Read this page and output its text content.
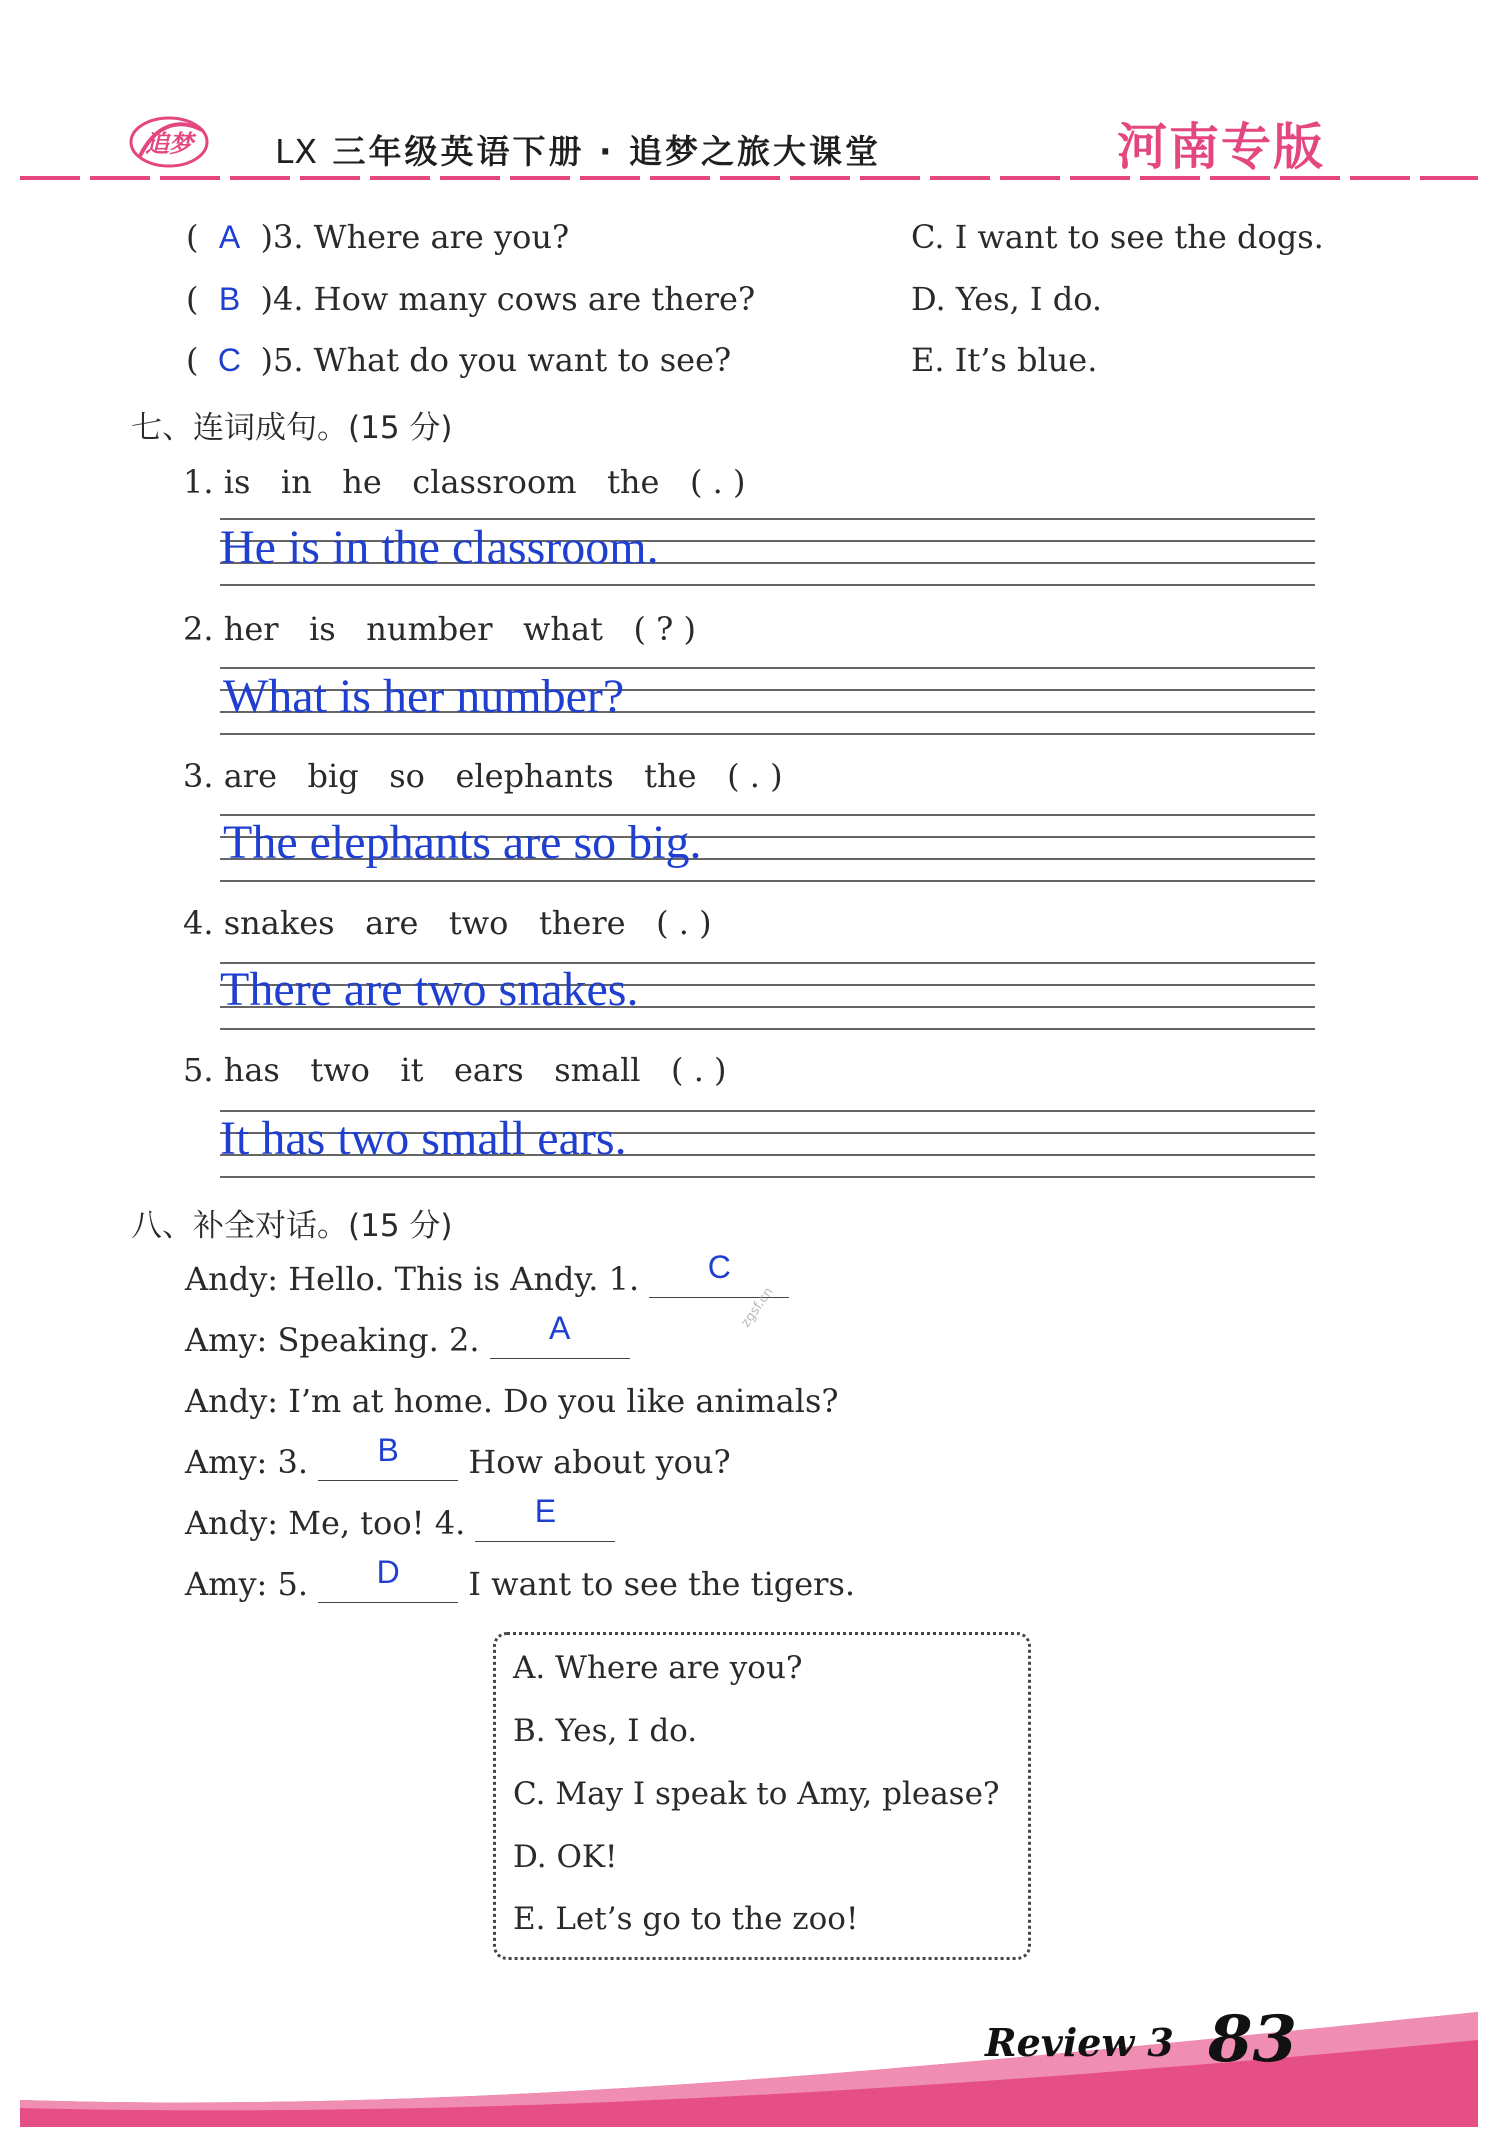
追梦 LX 三年级英语下册 · 追梦之旅大课堂	河南专版
( A )3. Where are you?	C. I want to see the dogs.
( B )4. How many cows are there?	D. Yes, I do.
( C )5. What do you want to see?	E. It’s blue.
七、连词成句。(15 分)
1. is   in   he   classroom   the   ( . )
He is in the classroom.
2. her   is   number   what   ( ? )
What is her number?
3. are   big   so   elephants   the   ( . )
The elephants are so big.
4. snakes   are   two   there   ( . )
There are two snakes.
5. has   two   it   ears   small   ( . )
It has two small ears.
八、补全对话。(15 分)
Andy: Hello. This is Andy. 1.	C
Amy: Speaking. 2.	A
Andy: I’m at home. Do you like animals?
Amy: 3.	B	How about you?
Andy: Me, too! 4.	E
Amy: 5.	D	I want to see the tigers.
zgsf.cn
A. Where are you?
B. Yes, I do.
C. May I speak to Amy, please?
D. OK!
E. Let’s go to the zoo!
Review 3 83
